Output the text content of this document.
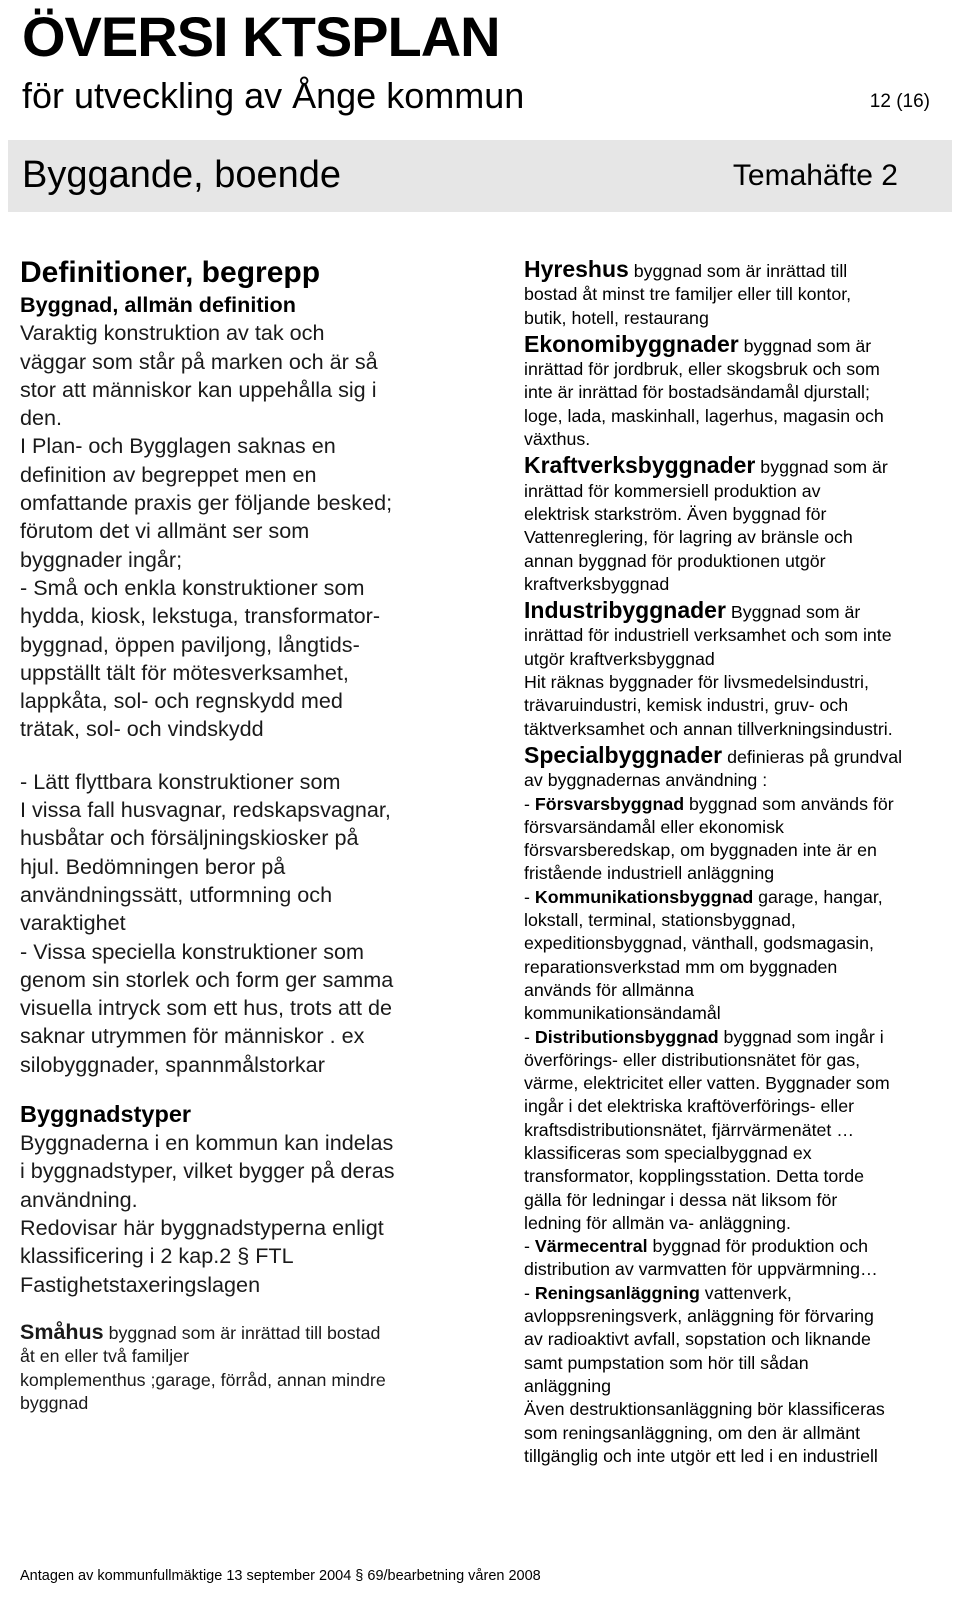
ÖVERSI KTSPLAN
för utveckling av Ånge kommun	12 (16)
Byggande, boende	Temahäfte 2
Definitioner, begrepp
Byggnad, allmän definition

Varaktig konstruktion av tak och

väggar som står på marken och är så

stor att människor kan uppehålla sig i

den.

I Plan- och Bygglagen saknas en

definition av begreppet men en

omfattande praxis ger följande besked;

förutom det vi allmänt ser som

byggnader ingår;

- Små och enkla konstruktioner som

hydda, kiosk, lekstuga, transformator-

byggnad, öppen paviljong, långtids-

uppställt tält för mötesverksamhet,

lappkåta, sol- och regnskydd med

trätak, sol- och vindskydd

- Lätt flyttbara konstruktioner som

I vissa fall husvagnar, redskapsvagnar,

husbåtar och försäljningskiosker på

hjul. Bedömningen beror på

användningssätt, utformning och

varaktighet

- Vissa speciella konstruktioner som

genom sin storlek och form ger samma

visuella intryck som ett hus, trots att de

saknar utrymmen för människor . ex

silobyggnader, spannmålstorkar

Byggnadstyper

Byggnaderna i en kommun kan indelas

i byggnadstyper, vilket bygger på deras

användning.

Redovisar här byggnadstyperna enligt

klassificering i 2 kap.2 § FTL

Fastighetstaxeringslagen

Småhus byggnad som är inrättad till bostad

åt en eller två familjer

komplementhus ;garage, förråd, annan mindre

byggnad

Hyreshus byggnad som är inrättad till

bostad åt minst tre familjer eller till kontor,

butik, hotell, restaurang

Ekonomibyggnader byggnad som är

inrättad för jordbruk, eller skogsbruk och som

inte är inrättad för bostadsändamål djurstall;

loge, lada, maskinhall, lagerhus, magasin och

växthus.

Kraftverksbyggnader byggnad som är

inrättad för kommersiell produktion av

elektrisk starkström. Även byggnad för

Vattenreglering, för lagring av bränsle och

annan byggnad för produktionen utgör

kraftverksbyggnad

Industribyggnader Byggnad som är

inrättad för industriell verksamhet och som inte

utgör kraftverksbyggnad

Hit räknas byggnader för livsmedelsindustri,

trävaruindustri, kemisk industri, gruv- och

täktverksamhet och annan tillverkningsindustri.

Specialbyggnader definieras på grundval

av byggnadernas användning :

- Försvarsbyggnad byggnad som används för

försvarsändamål eller ekonomisk

försvarsberedskap, om byggnaden inte är en

fristående industriell anläggning

- Kommunikationsbyggnad garage, hangar,

lokstall, terminal, stationsbyggnad,

expeditionsbyggnad, vänthall, godsmagasin,

reparationsverkstad mm om byggnaden

används för allmänna

kommunikationsändamål

- Distributionsbyggnad byggnad som ingår i

överförings- eller distributionsnätet för gas,

värme, elektricitet eller vatten. Byggnader som

ingår i det elektriska kraftöverförings- eller

kraftsdistributionsnätet, fjärrvärmenätet …

klassificeras som specialbyggnad ex

transformator, kopplingsstation. Detta torde

gälla för ledningar i dessa nät liksom för

ledning för allmän va- anläggning.

- Värmecentral byggnad för produktion och

distribution av varmvatten för uppvärmning…

- Reningsanläggning vattenverk,

avloppsreningsverk, anläggning för förvaring

av radioaktivt avfall, sopstation och liknande

samt pumpstation som hör till sådan

anläggning

Även destruktionsanläggning bör klassificeras

som reningsanläggning, om den är allmänt

tillgänglig och inte utgör ett led i en industriell

Antagen av kommunfullmäktige 13 september 2004 § 69/bearbetning våren 2008
